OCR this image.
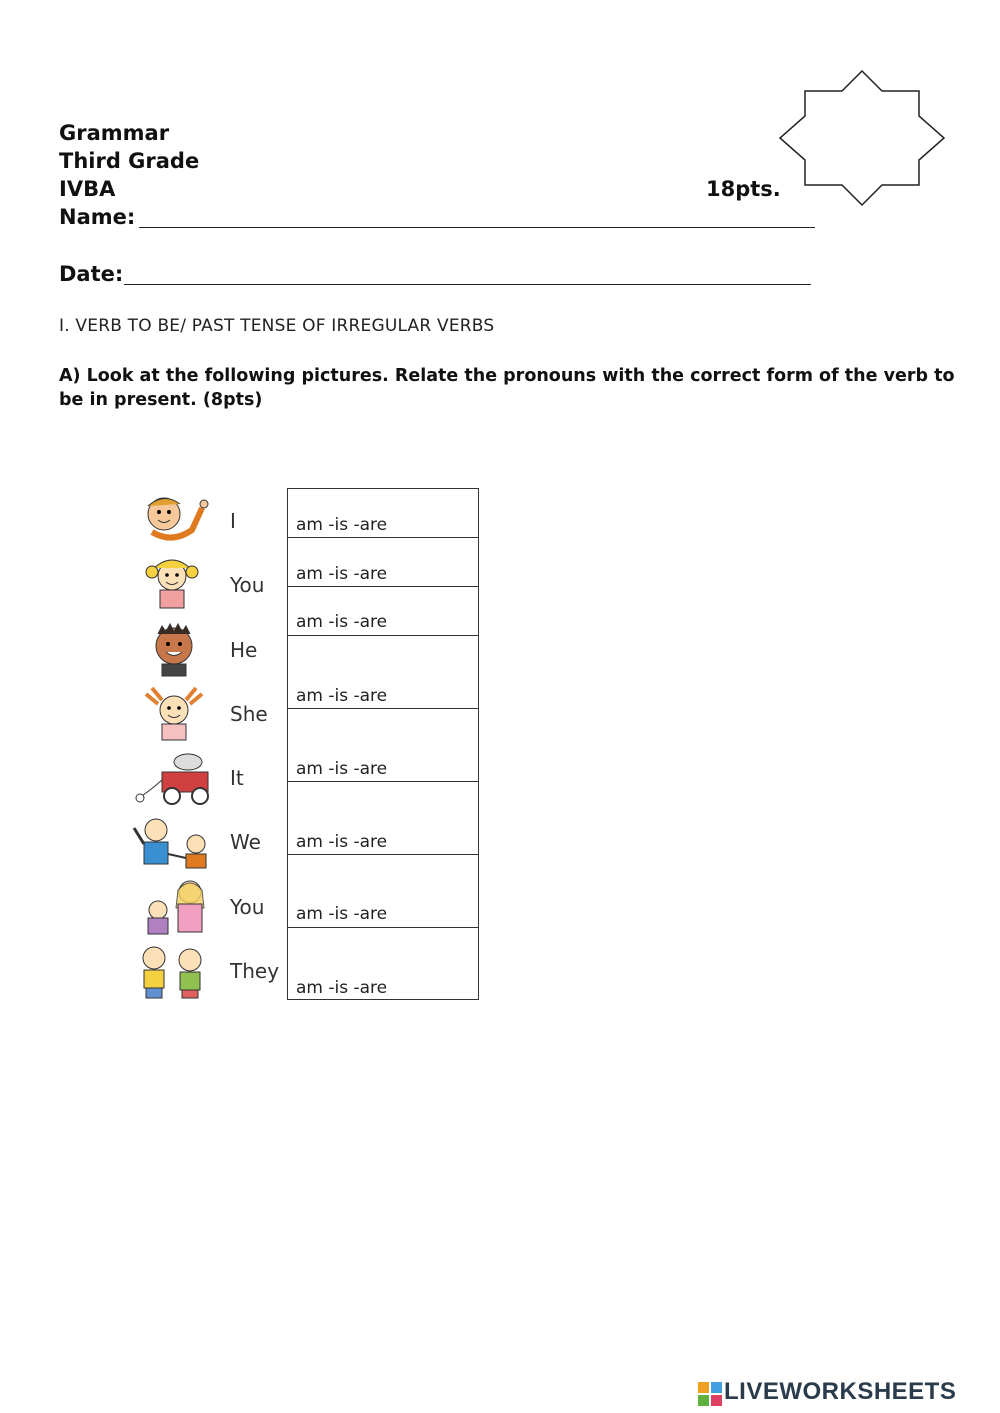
Grammar
Third Grade
IVBA	18pts.
Name:
Date:
I. VERB TO BE/ PAST TENSE OF IRREGULAR VERBS
A) Look at the following pictures. Relate the pronouns with the correct form of the verb to be in present. (8pts)
I
You
He
She
It
We
You
They
am -is -are
am -is -are
am -is -are
am -is -are
am -is -are
am -is -are
am -is -are
am -is -are
LIVEWORKSHEETS
